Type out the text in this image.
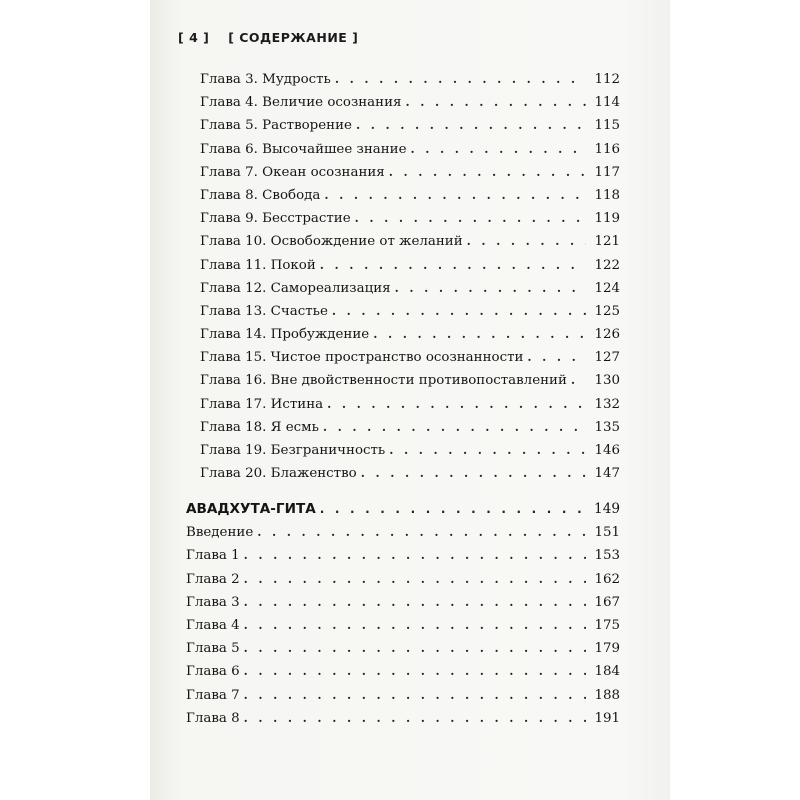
[ 4 ] [ СОДЕРЖАНИЕ ]
Глава 3. Мудрость . . .	112
Глава 4. Величие осознания . . .	114
Глава 5. Растворение . . .	115
Глава 6. Высочайшее знание . . .	116
Глава 7. Океан осознания . . .	117
Глава 8. Свобода . . .	118
Глава 9. Бесстрастие . . .	119
Глава 10. Освобождение от желаний . . .	121
Глава 11. Покой . . .	122
Глава 12. Самореализация . . .	124
Глава 13. Счастье . . .	125
Глава 14. Пробуждение . . .	126
Глава 15. Чистое пространство осознанности . . .	127
Глава 16. Вне двойственности противопоставлений . . .	130
Глава 17. Истина . . .	132
Глава 18. Я есмь . . .	135
Глава 19. Безграничность . . .	146
Глава 20. Блаженство . . .	147
АВАДХУТА-ГИТА . . .	149
Введение . . .	151
Глава 1 . . .	153
Глава 2 . . .	162
Глава 3 . . .	167
Глава 4 . . .	175
Глава 5 . . .	179
Глава 6 . . .	184
Глава 7 . . .	188
Глава 8 . . .	191
